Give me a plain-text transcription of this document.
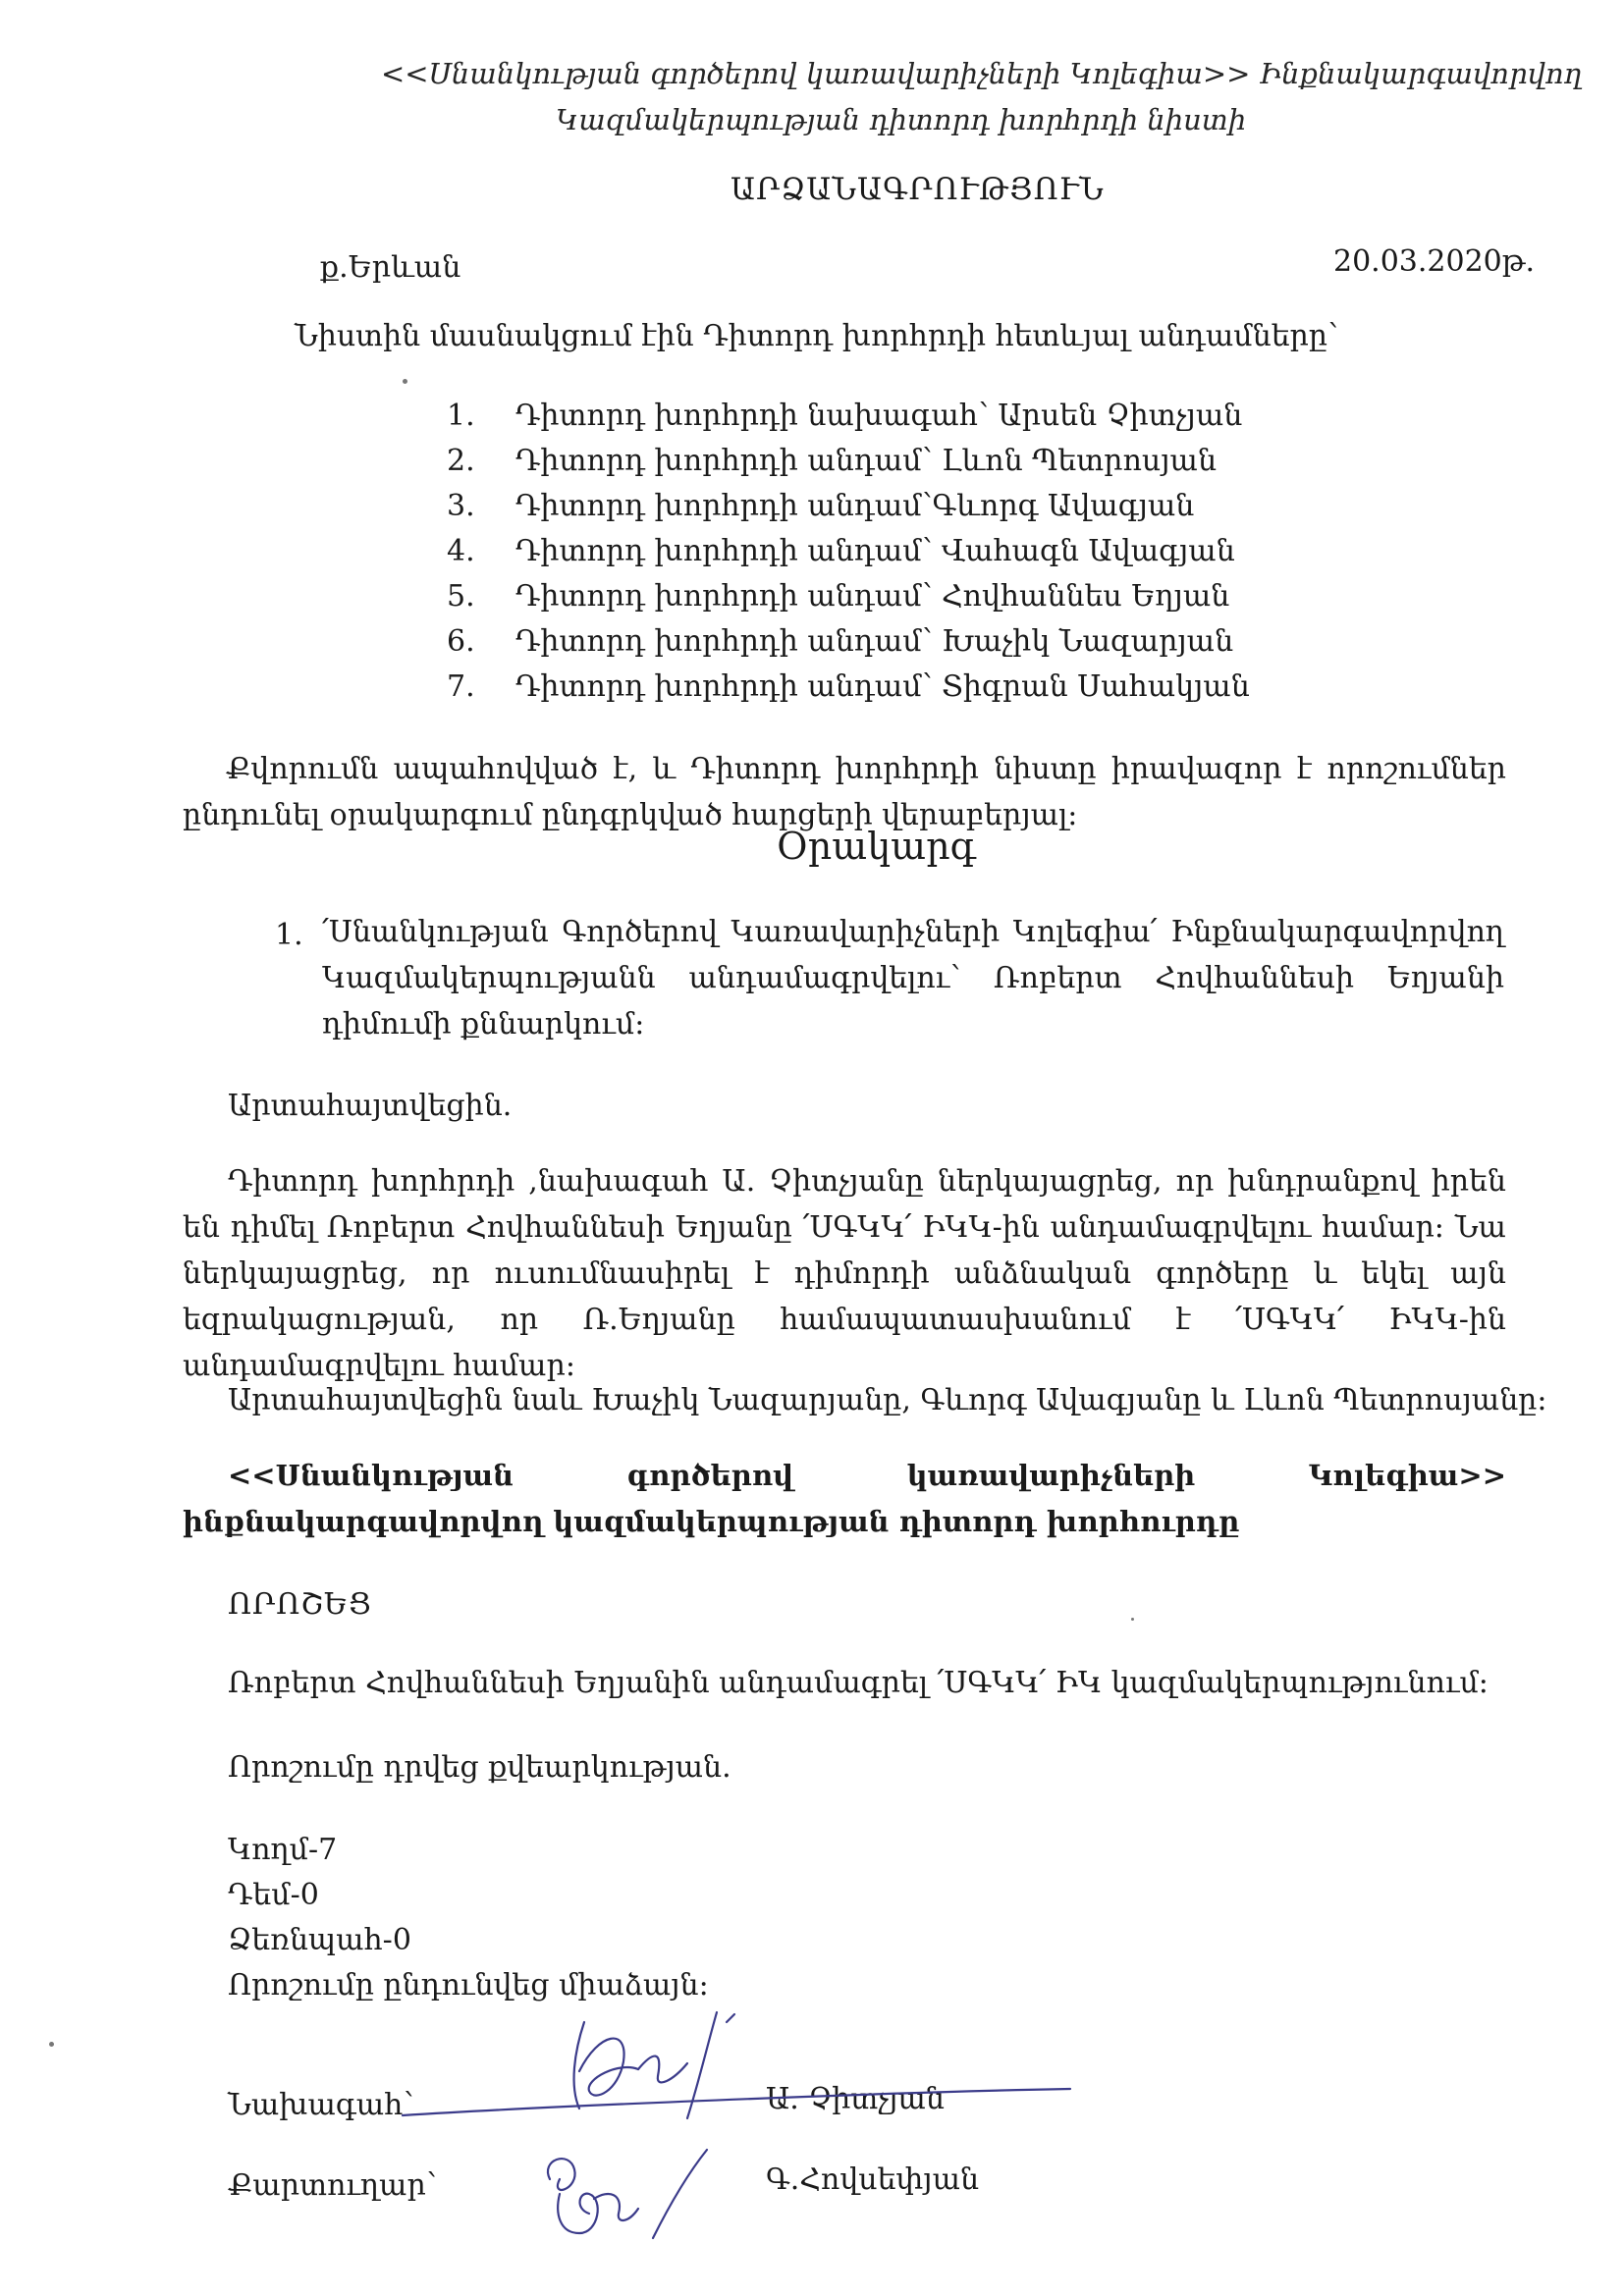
<<Սնանկության գործերով կառավարիչների Կոլեգիա>> Ինքնակարգավորվող
Կազմակերպության դիտորդ խորհրդի նիստի
ԱՐՁԱՆԱԳՐՈՒԹՅՈՒՆ
ք.Երևան	20.03.2020թ.
Նիստին մասնակցում էին Դիտորդ խորհրդի հետևյալ անդամները՝
1. Դիտորդ խորհրդի նախագահ՝ Արսեն Չիտչյան
2. Դիտորդ խորհրդի անդամ՝ Լևոն Պետրոսյան
3. Դիտորդ խորհրդի անդամ՝Գևորգ Ավագյան
4. Դիտորդ խորհրդի անդամ՝ Վահագն Ավագյան
5. Դիտորդ խորհրդի անդամ՝ Հովհաննես Եղյան
6. Դիտորդ խորհրդի անդամ՝ Խաչիկ Նազարյան
7. Դիտորդ խորհրդի անդամ՝ Տիգրան Սահակյան
Քվորումն ապահովված է, և Դիտորդ խորհրդի նիստը իրավազոր է որոշումներ ընդունել օրակարգում ընդգրկված հարցերի վերաբերյալ:
Օրակարգ
1. ՛Սնանկության Գործերով Կառավարիչների Կոլեգիա՛ Ինքնակարգավորվող Կազմակերպությանն անդամագրվելու՝ Ռոբերտ Հովհաննեսի Եղյանի դիմումի քննարկում:
Արտահայտվեցին.
Դիտորդ խորհրդի ,նախագահ Ա. Չիտչյանը ներկայացրեց, որ խնդրանքով իրեն են դիմել Ռոբերտ Հովհաննեսի Եղյանը ՛ՍԳԿԿ՛ ԻԿԿ-ին անդամագրվելու համար: Նա ներկայացրեց, որ ուսումնասիրել է դիմորդի անձնական գործերը և եկել այն եզրակացության, որ Ռ.Եղյանը համապատասխանում է ՛ՍԳԿԿ՛ ԻԿԿ-ին անդամագրվելու համար:
Արտահայտվեցին նաև Խաչիկ Նազարյանը, Գևորգ Ավագյանը և Լևոն Պետրոսյանը:
<<Սնանկության գործերով կառավարիչների Կոլեգիա>> ինքնակարգավորվող կազմակերպության դիտորդ խորհուրդը
ՈՐՈՇԵՑ
Ռոբերտ Հովհաննեսի Եղյանին անդամագրել ՛ՍԳԿԿ՛ ԻԿ կազմակերպությունում:
Որոշումը դրվեց քվեարկության.
Կողմ-7
Դեմ-0
Ձեռնպահ-0
Որոշումը ընդունվեց միաձայն:
Նախագահ՝	Ա. Չիտչյան
Քարտուղար՝	Գ.Հովսեփյան
